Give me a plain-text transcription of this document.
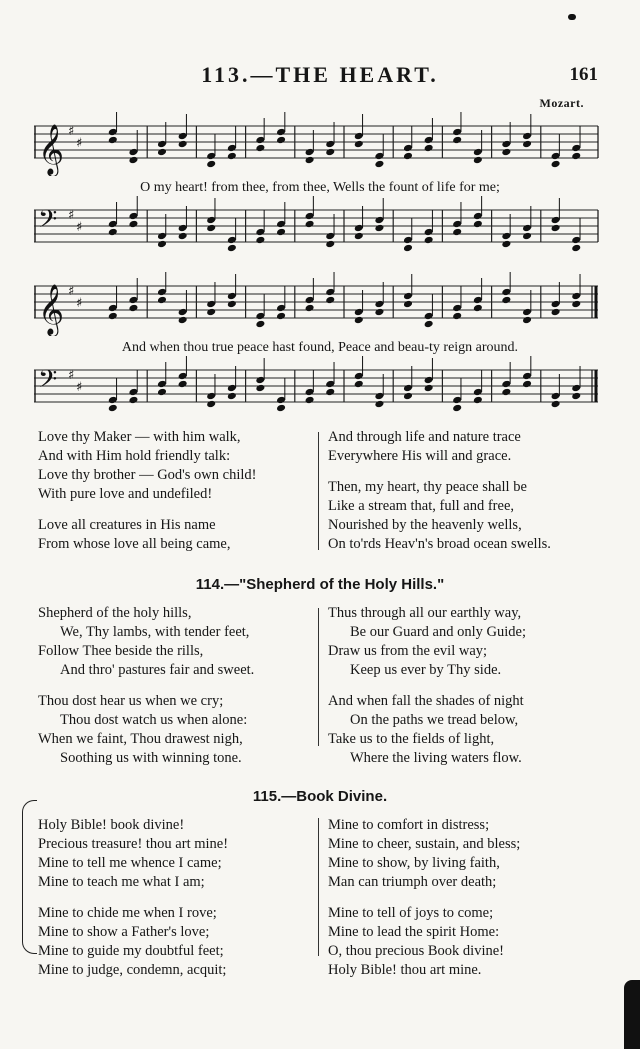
113.—THE HEART.	161
Mozart.
𝄞 ♯
♯
O my heart! from thee, from thee, Wells the fount of life for me;
𝄢 ♯
♯
𝄞 ♯
♯
And when thou true peace hast found, Peace and beau-ty reign around.
𝄢 ♯
♯
Love thy Maker — with him walk,
And with Him hold friendly talk:
Love thy brother — God's own child!
With pure love and undefiled!
Love all creatures in His name
From whose love all being came,
And through life and nature trace
Everywhere His will and grace.
Then, my heart, thy peace shall be
Like a stream that, full and free,
Nourished by the heavenly wells,
On to'rds Heav'n's broad ocean swells.
114.—"Shepherd of the Holy Hills."
Shepherd of the holy hills,
We, Thy lambs, with tender feet,
Follow Thee beside the rills,
And thro' pastures fair and sweet.
Thou dost hear us when we cry;
Thou dost watch us when alone:
When we faint, Thou drawest nigh,
Soothing us with winning tone.
Thus through all our earthly way,
Be our Guard and only Guide;
Draw us from the evil way;
Keep us ever by Thy side.
And when fall the shades of night
On the paths we tread below,
Take us to the fields of light,
Where the living waters flow.
115.—Book Divine.
Holy Bible! book divine!
Precious treasure! thou art mine!
Mine to tell me whence I came;
Mine to teach me what I am;
Mine to chide me when I rove;
Mine to show a Father's love;
Mine to guide my doubtful feet;
Mine to judge, condemn, acquit;
Mine to comfort in distress;
Mine to cheer, sustain, and bless;
Mine to show, by living faith,
Man can triumph over death;
Mine to tell of joys to come;
Mine to lead the spirit Home:
O, thou precious Book divine!
Holy Bible! thou art mine.
